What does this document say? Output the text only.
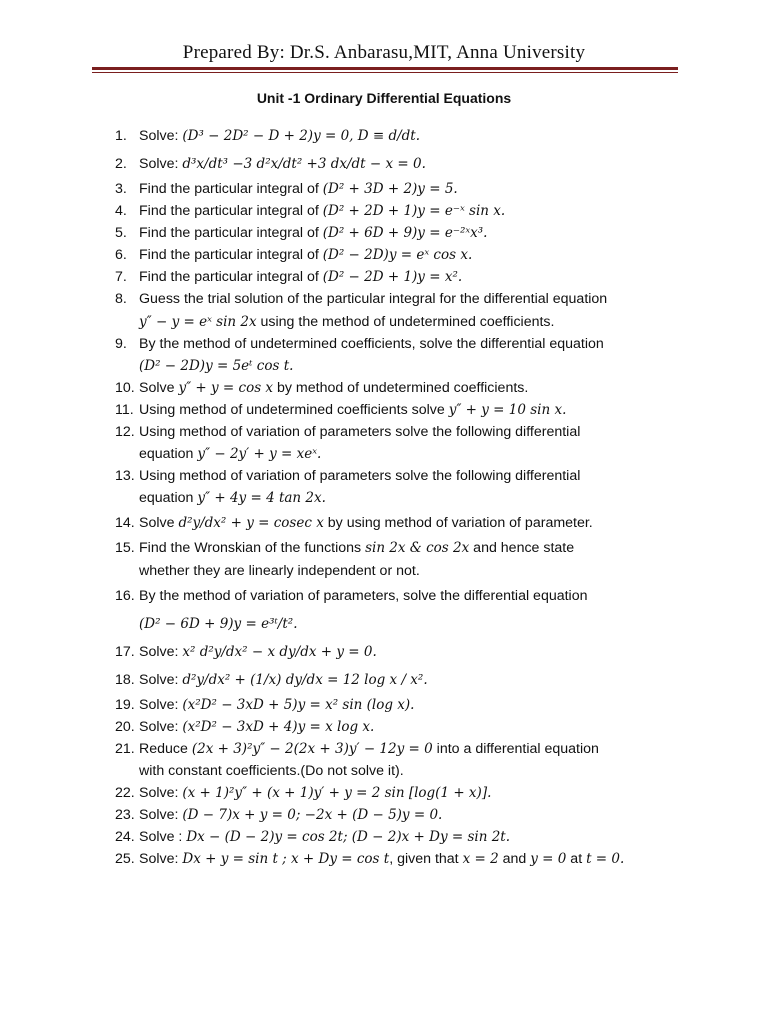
Prepared By: Dr.S. Anbarasu,MIT, Anna University
Unit -1 Ordinary Differential Equations
1. Solve: (D³ − 2D² − D + 2)y = 0, D ≡ d/dt.
2. Solve: d³x/dt³ −3 d²x/dt² +3 dx/dt − x = 0.
3. Find the particular integral of (D² + 3D + 2)y = 5.
4. Find the particular integral of (D² + 2D + 1)y = e⁻ˣ sin x.
5. Find the particular integral of (D² + 6D + 9)y = e⁻²ˣx³.
6. Find the particular integral of (D² − 2D)y = eˣ cos x.
7. Find the particular integral of (D² − 2D + 1)y = x².
8. Guess the trial solution of the particular integral for the differential equation
y″ − y = eˣ sin 2x using the method of undetermined coefficients.
9. By the method of undetermined coefficients, solve the differential equation
(D² − 2D)y = 5eᵗ cos t.
10. Solve y″ + y = cos x by method of undetermined coefficients.
11. Using method of undetermined coefficients solve y″ + y = 10 sin x.
12. Using method of variation of parameters solve the following differential
equation y″ − 2y′ + y = xeˣ.
13. Using method of variation of parameters solve the following differential
equation y″ + 4y = 4 tan 2x.
14. Solve d²y/dx² + y = cosec x by using method of variation of parameter.
15. Find the Wronskian of the functions sin 2x & cos 2x and hence state
whether they are linearly independent or not.
16. By the method of variation of parameters, solve the differential equation
(D² − 6D + 9)y = e³ᵗ/t².
17. Solve: x² d²y/dx² − x dy/dx + y = 0.
18. Solve: d²y/dx² + (1/x) dy/dx = 12 log x / x².
19. Solve: (x²D² − 3xD + 5)y = x² sin (log x).
20. Solve: (x²D² − 3xD + 4)y = x log x.
21. Reduce (2x + 3)²y″ − 2(2x + 3)y′ − 12y = 0 into a differential equation
with constant coefficients.(Do not solve it).
22. Solve: (x + 1)²y″ + (x + 1)y′ + y = 2 sin [log(1 + x)].
23. Solve: (D − 7)x + y = 0; −2x + (D − 5)y = 0.
24. Solve : Dx − (D − 2)y = cos 2t; (D − 2)x + Dy = sin 2t.
25. Solve: Dx + y = sin t ; x + Dy = cos t, given that x = 2 and y = 0 at t = 0.
